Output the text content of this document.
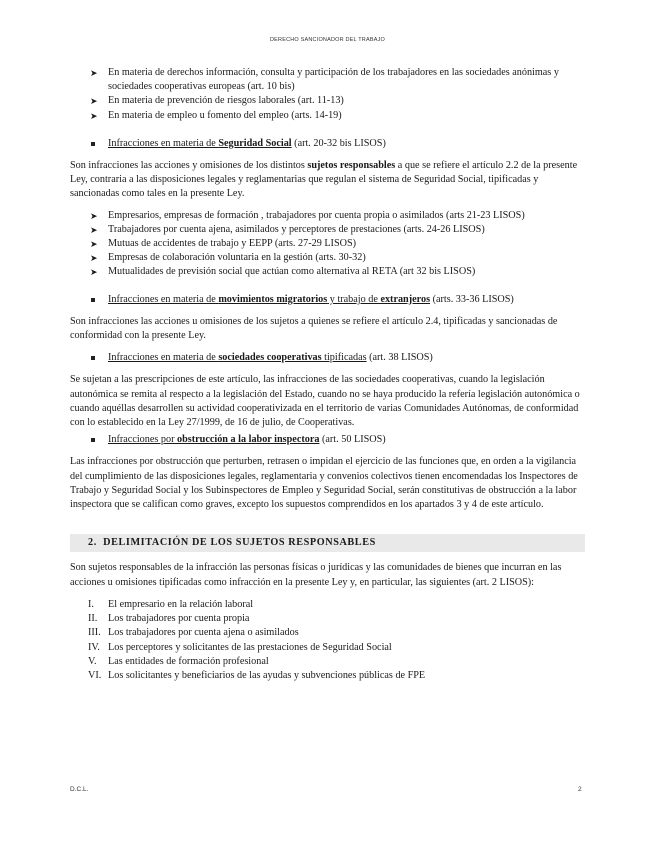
DERECHO SANCIONADOR DEL TRABAJO
➤ En materia de derechos información, consulta y participación de los trabajadores en las sociedades anónimas y sociedades cooperativas europeas (art. 10 bis)
➤ En materia de prevención de riesgos laborales (art. 11-13)
➤ En materia de empleo u fomento del empleo (arts. 14-19)
Infracciones en materia de Seguridad Social (art. 20-32 bis LISOS)

Son infracciones las acciones y omisiones de los distintos sujetos responsables a que se refiere el artículo 2.2 de la presente Ley, contraria a las disposiciones legales y reglamentarias que regulan el sistema de Seguridad Social, tipificadas y sancionadas como tales en la presente Ley.

➤ Empresarios, empresas de formación , trabajadores por cuenta propia o asimilados (arts 21-23 LISOS)
➤ Trabajadores por cuenta ajena, asimilados y perceptores de prestaciones (arts. 24-26 LISOS)
➤ Mutuas de accidentes de trabajo y EEPP (arts. 27-29 LISOS)
➤ Empresas de colaboración voluntaria en la gestión (arts. 30-32)
➤ Mutualidades de previsión social que actúan como alternativa al RETA (art 32 bis LISOS)
Infracciones en materia de movimientos migratorios y trabajo de extranjeros (arts. 33-36 LISOS)

Son infracciones las acciones u omisiones de los sujetos a quienes se refiere el artículo 2.4, tipificadas y sancionadas de conformidad con la presente Ley.

Infracciones en materia de sociedades cooperativas tipificadas (art. 38 LISOS)

Se sujetan a las prescripciones de este artículo, las infracciones de las sociedades cooperativas, cuando la legislación autonómica se remita al respecto a la legislación del Estado, cuando no se haya producido la refería legislación autonómica o cuando aquéllas desarrollen su actividad cooperativizada en el territorio de varias Comunidades Autónomas, de conformidad con lo establecido en la Ley 27/1999, de 16 de julio, de Cooperativas.

Infracciones por obstrucción a la labor inspectora (art. 50 LISOS)

Las infracciones por obstrucción que perturben, retrasen o impidan el ejercicio de las funciones que, en orden a la vigilancia del cumplimiento de las disposiciones legales, reglamentaria y convenios colectivos tienen encomendadas los Inspectores de Trabajo y Seguridad Social y los Subinspectores de Empleo y Seguridad Social, serán constitutivas de obstrucción a la labor inspectora que se califican como graves, excepto los supuestos comprendidos en los apartados 3 y 4 de este artículo.

2. DELIMITACIÓN DE LOS SUJETOS RESPONSABLES

Son sujetos responsables de la infracción las personas físicas o jurídicas y las comunidades de bienes que incurran en las acciones u omisiones tipificadas como infracción en la presente Ley y, en particular, las siguientes (art. 2 LISOS):

I.	El empresario en la relación laboral
II.	Los trabajadores por cuenta propia
III. Los trabajadores por cuenta ajena o asimilados
IV. Los perceptores y solicitantes de las prestaciones de Seguridad Social
V.	Las entidades de formación profesional
VI. Los solicitantes y beneficiarios de las ayudas y subvenciones públicas de FPE
D.C.L.	2
